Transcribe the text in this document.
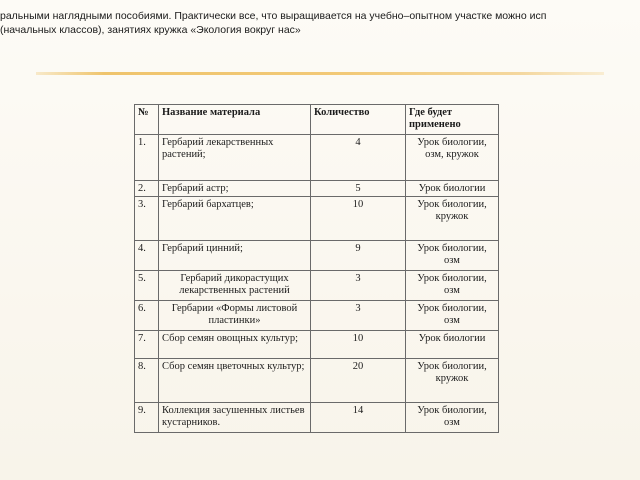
ральными наглядными пособиями. Практически все, что выращивается на учебно–опытном участке можно исп
(начальных классов), занятиях кружка «Экология вокруг нас»
№	Название материала	Количество	Где будет применено
1.	Гербарий лекарственных растений;	4	Урок биологии, озм, кружок
2.	Гербарий астр;	5	Урок биологии
3.	Гербарий бархатцев;	10	Урок биологии, кружок
4.	Гербарий цинний;	9	Урок биологии, озм
5.	Гербарий дикорастущих лекарственных растений	3	Урок биологии, озм
6.	Гербарии «Формы листовой пластинки»	3	Урок биологии, озм
7.	Сбор семян овощных культур;	10	Урок биологии
8.	Сбор семян цветочных культур;	20	Урок биологии, кружок
9.	Коллекция засушенных листьев кустарников.	14	Урок биологии, озм
